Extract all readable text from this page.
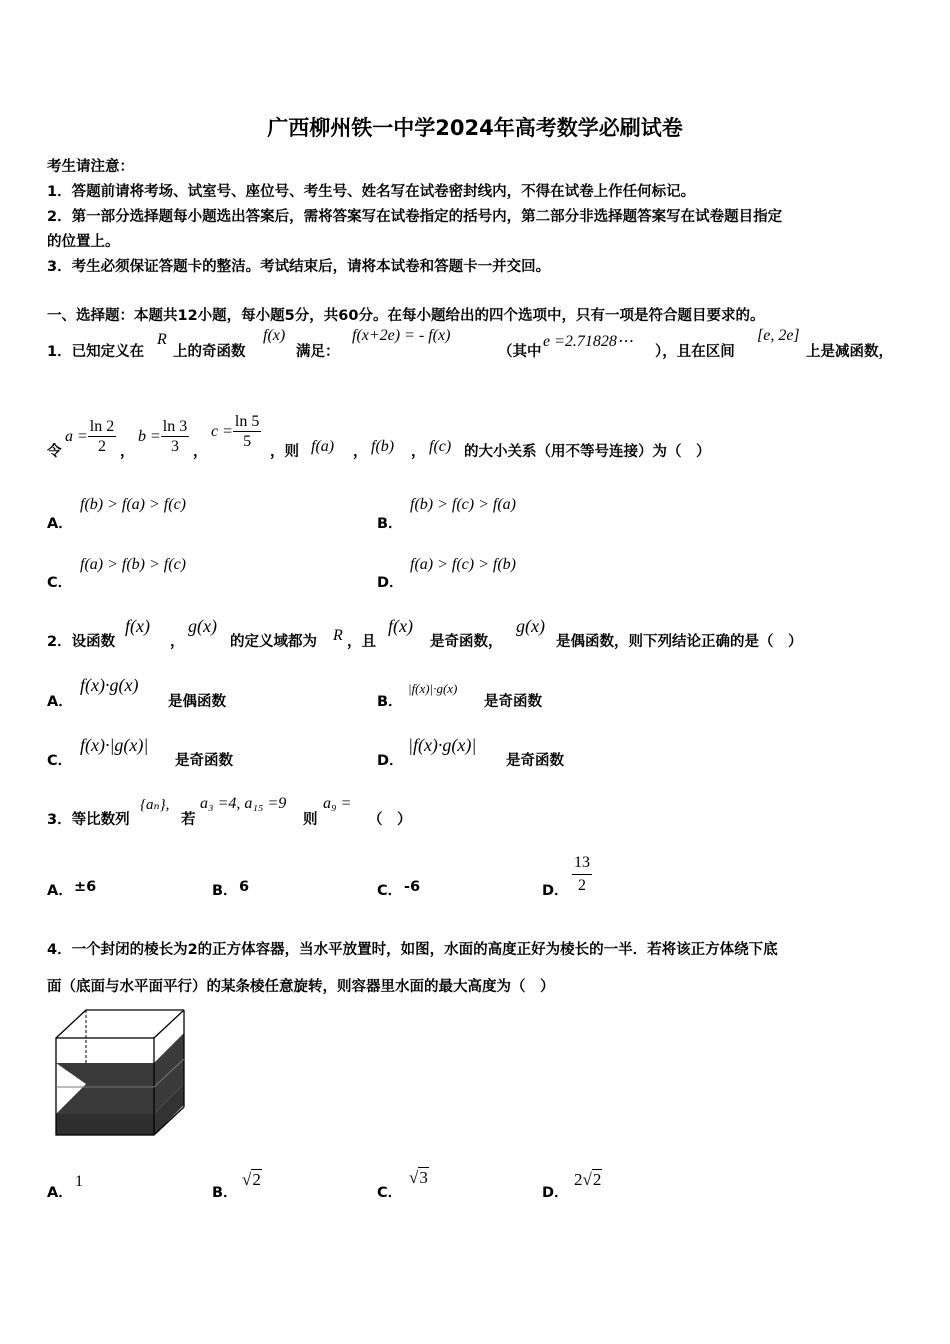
广西柳州铁一中学2024年高考数学必刷试卷
考生请注意：
1．答题前请将考场、试室号、座位号、考生号、姓名写在试卷密封线内，不得在试卷上作任何标记。
2．第一部分选择题每小题选出答案后，需将答案写在试卷指定的括号内，第二部分非选择题答案写在试卷题目指定
的位置上。
3．考生必须保证答题卡的整洁。考试结束后，请将本试卷和答题卡一并交回。
一、选择题：本题共12小题，每小题5分，共60分。在每小题给出的四个选项中，只有一项是符合题目要求的。
1．已知定义在
R
上的奇函数
f(x)
满足：
f(x+2e) = - f(x)
（其中
e =2.71828⋯
），且在区间
[e, 2e]
上是减函数，
令
$a = \frac{\ln 2}{2}$ ，
$b = \frac{\ln 3}{3}$ ，
$c = \frac{\ln 5}{5}$
，则 f(a) ， f(b) ， f(c) 的大小关系（用不等号连接）为（　）
A．
f(b) > f(a) > f(c)
B．
f(b) > f(c) > f(a)
C．
f(a) > f(b) > f(c)
D．
f(a) > f(c) > f(b)
2．设函数
f(x)
，
g(x)
的定义域都为 R ，且
f(x)
是奇函数，
g(x)
是偶函数，则下列结论正确的是（　）
A．
f(x)·g(x)
是偶函数	B．
|f(x)|·g(x)
是奇函数
C．
f(x)·|g(x)|
是奇函数	D．
|f(x)·g(x)|
是奇函数
3．等比数列
{aₙ},
若
a₃ =4, a₁₅ =9
则
a₉ =
（　）
A． ±6	B． 6	C． -6	D． $\frac{13}{2}$
4．一个封闭的棱长为2的正方体容器，当水平放置时，如图，水面的高度正好为棱长的一半．若将该正方体绕下底
面（底面与水平面平行）的某条棱任意旋转，则容器里水面的最大高度为（　）
A．
1
B．
√2
C．
√3
D．
2√2
